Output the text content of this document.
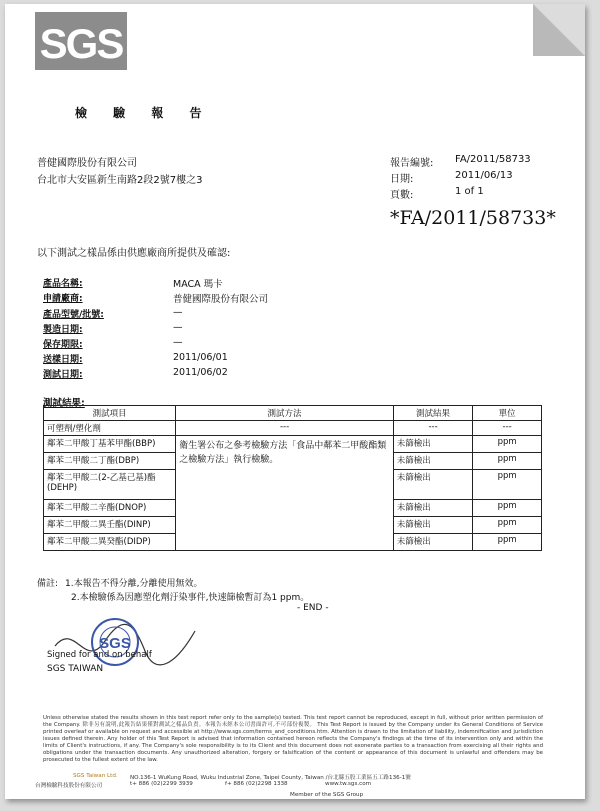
SGS
檢 驗 報 告
普健國際股份有限公司
台北市大安區新生南路2段2號7樓之3
報告編號: FA/2011/58733
日期:	2011/06/13
頁數:	1 of 1
*FA/2011/58733*
以下測試之樣品係由供應廠商所提供及確認:
產品名稱:	MACA 瑪卡
申請廠商:	普健國際股份有限公司
產品型號/批號:	—
製造日期:	—
保存期限:	—
送樣日期:	2011/06/01
測試日期:	2011/06/02
測試結果:
測試項目	測試方法	測試結果	單位
可塑劑/塑化劑	---	---	---
鄰苯二甲酸丁基苯甲酯(BBP)	衛生署公布之參考檢驗方法「食品中鄰苯二甲酸酯類之檢驗方法」執行檢驗。	未篩檢出	ppm
鄰苯二甲酸二丁酯(DBP)		未篩檢出	ppm
鄰苯二甲酸二(2-乙基己基)酯 (DEHP)		未篩檢出	ppm
鄰苯二甲酸二辛酯(DNOP)		未篩檢出	ppm
鄰苯二甲酸二異壬酯(DINP)		未篩檢出	ppm
鄰苯二甲酸二異癸酯(DIDP)		未篩檢出	ppm
備註: 1.本報告不得分離,分離使用無效。
2.本檢驗係為因應塑化劑汙染事件,快速篩檢暫訂為1 ppm。
- END -
SGS
Signed for and on behalf
SGS TAIWAN
Unless otherwise stated the results shown in this test report refer only to the sample(s) tested. This test report cannot be reproduced, except in full, without prior written permission of the Company. 除非另有說明,此報告結果僅對測試之樣品負責。本報告未經本公司書面許可,不可部份複製。 This Test Report is issued by the Company under its General Conditions of Service printed overleaf or available on request and accessible at http://www.sgs.com/terms_and_conditions.htm. Attention is drawn to the limitation of liability, indemnification and jurisdiction issues defined therein. Any holder of this Test Report is advised that information contained hereon reflects the Company's findings at the time of its intervention only and within the limits of Client's instructions, if any. The Company's sole responsibility is to its Client and this document does not exonerate parties to a transaction from exercising all their rights and obligations under the transaction documents. Any unauthorized alteration, forgery or falsification of the content or appearance of this document is unlawful and offenders may be prosecuted to the fullest extent of the law.
SGS Taiwan Ltd.
台灣檢驗科技股份有限公司
NO.136-1 WuKung Road, Wuku Industrial Zone, Taipei County, Taiwan /台北縣五股工業區五工路136-1號
t+ 886 (02)2299 3939	f+ 886 (02)2298 1338	www.tw.sgs.com
Member of the SGS Group
